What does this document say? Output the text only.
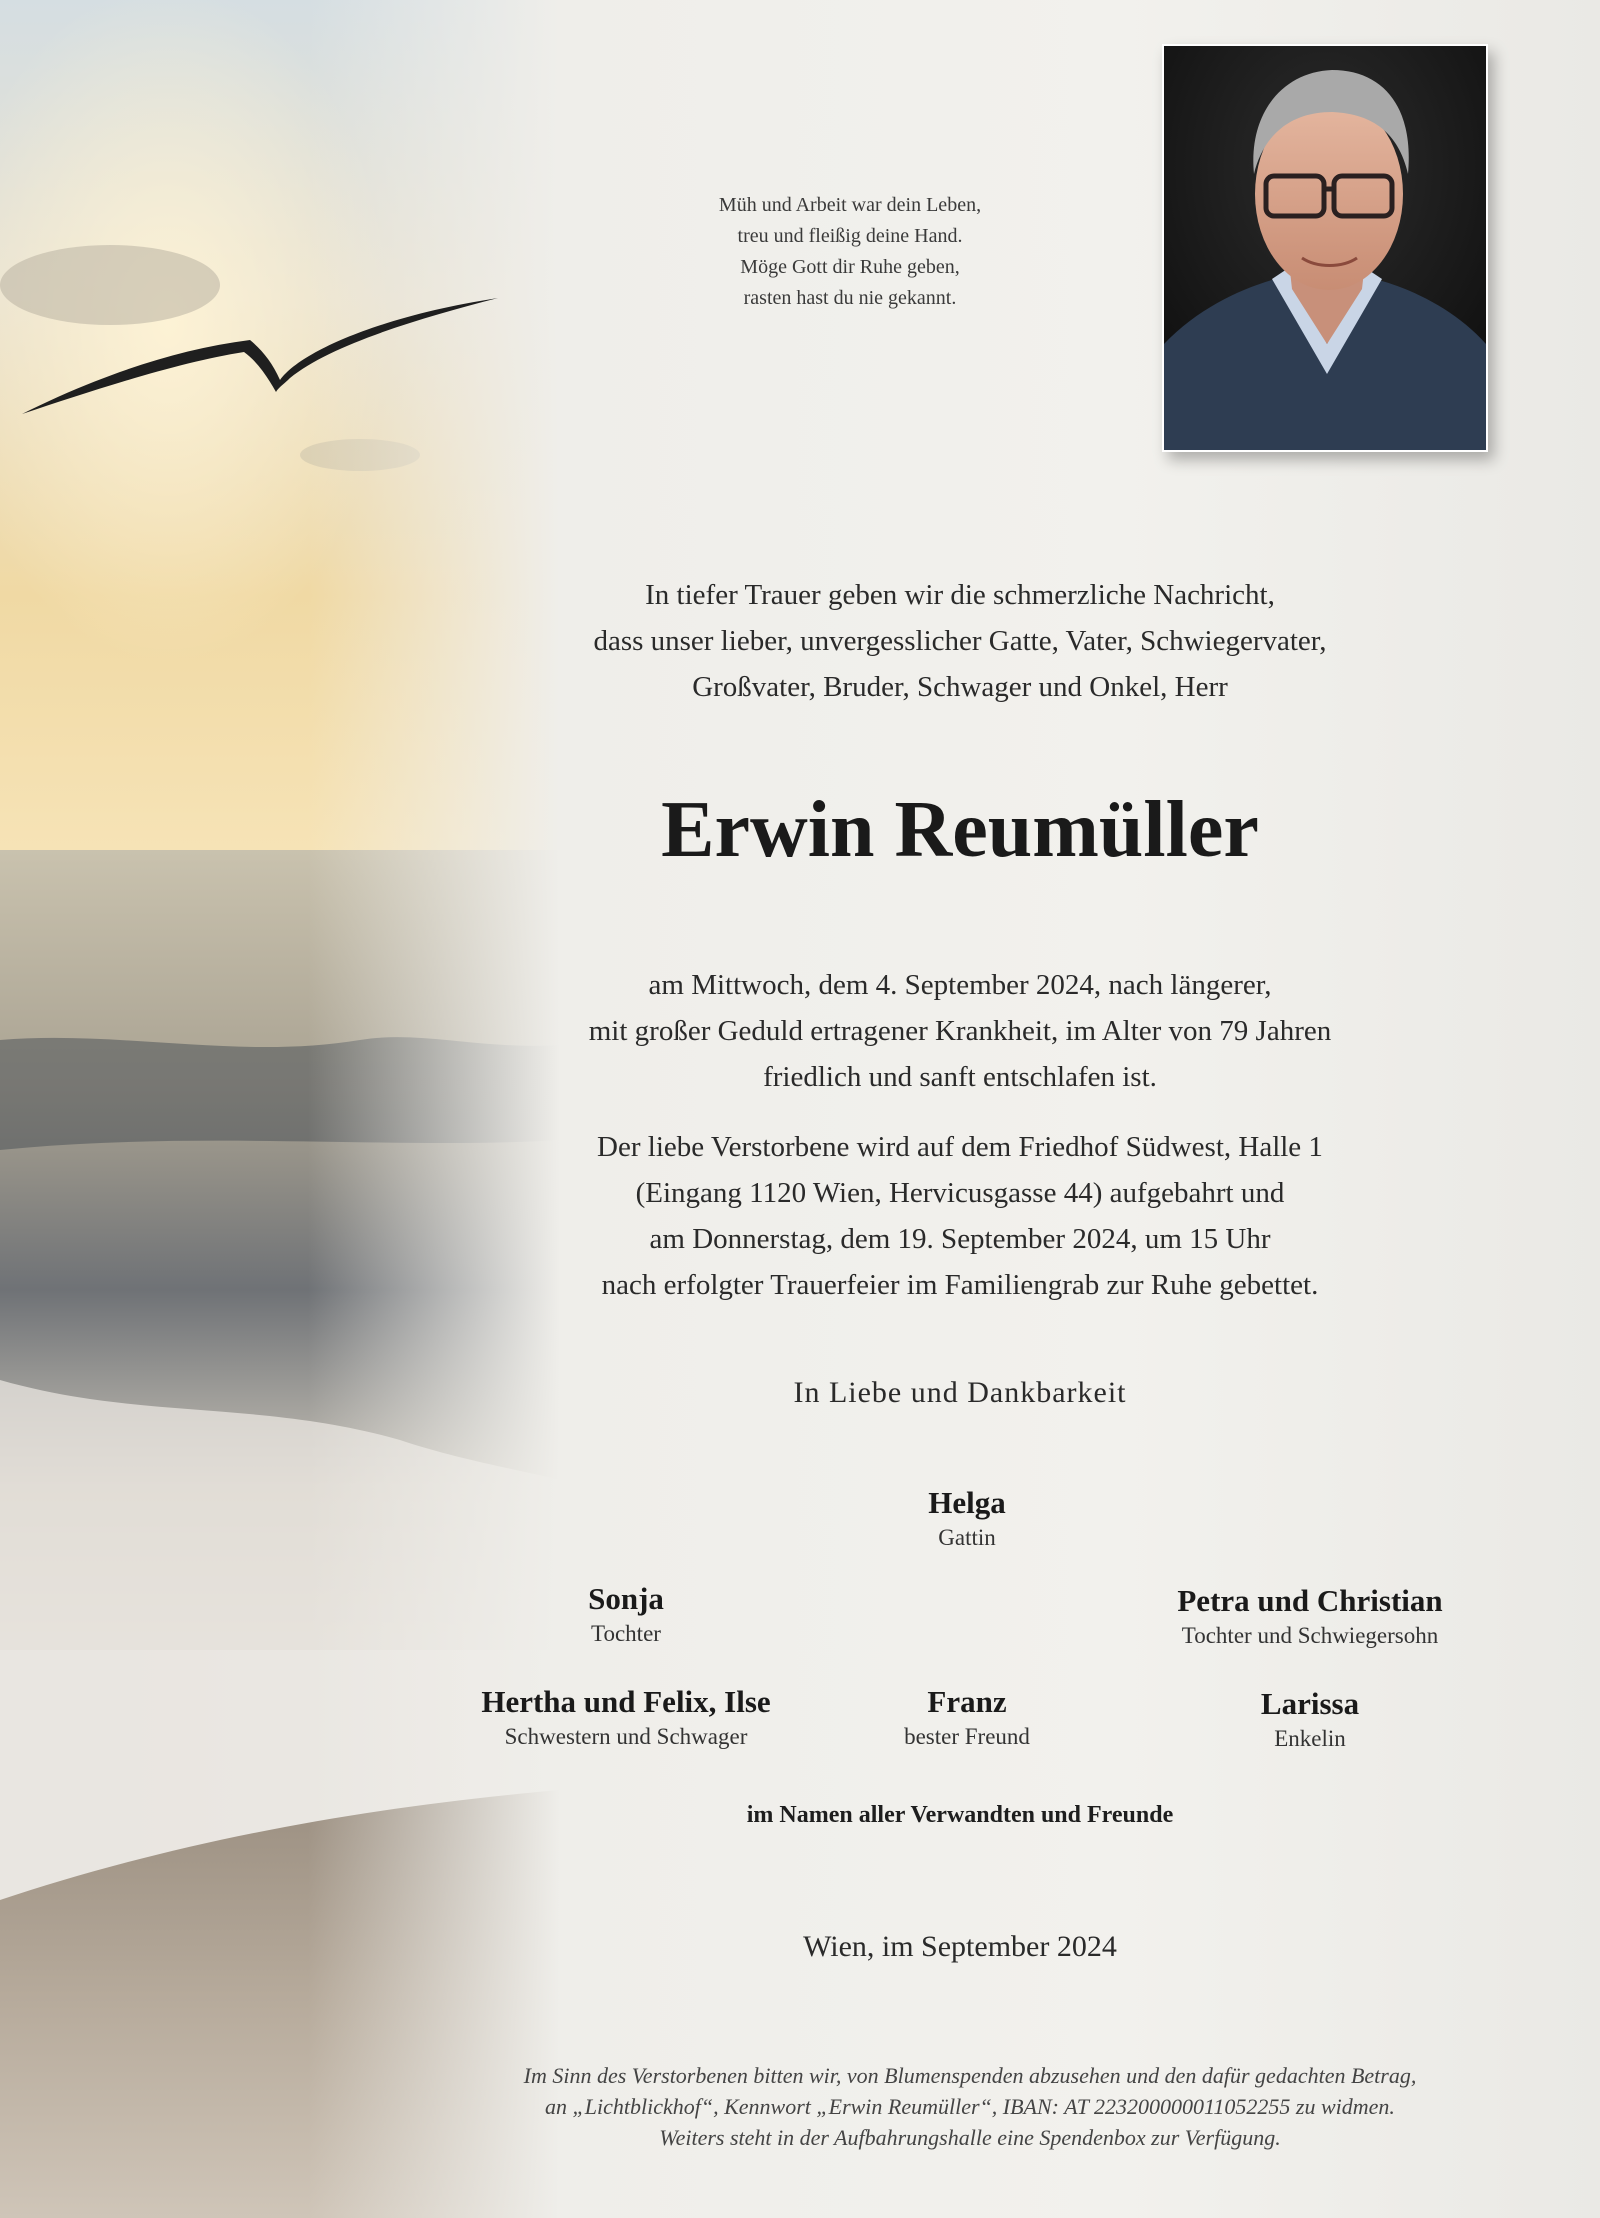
Müh und Arbeit war dein Leben,
treu und fleißig deine Hand.
Möge Gott dir Ruhe geben,
rasten hast du nie gekannt.
In tiefer Trauer geben wir die schmerzliche Nachricht,
dass unser lieber, unvergesslicher Gatte, Vater, Schwiegervater,
Großvater, Bruder, Schwager und Onkel, Herr
Erwin Reumüller
am Mittwoch, dem 4. September 2024, nach längerer,
mit großer Geduld ertragener Krankheit, im Alter von 79 Jahren
friedlich und sanft entschlafen ist.
Der liebe Verstorbene wird auf dem Friedhof Südwest, Halle 1
(Eingang 1120 Wien, Hervicusgasse 44) aufgebahrt und
am Donnerstag, dem 19. September 2024, um 15 Uhr
nach erfolgter Trauerfeier im Familiengrab zur Ruhe gebettet.
In Liebe und Dankbarkeit
Helga
Gattin
Sonja
Tochter
Petra und Christian
Tochter und Schwiegersohn
Hertha und Felix, Ilse
Schwestern und Schwager
Franz
bester Freund
Larissa
Enkelin
im Namen aller Verwandten und Freunde
Wien, im September 2024
Im Sinn des Verstorbenen bitten wir, von Blumenspenden abzusehen und den dafür gedachten Betrag,
an „Lichtblickhof“, Kennwort „Erwin Reumüller“, IBAN: AT 223200000011052255 zu widmen.
Weiters steht in der Aufbahrungshalle eine Spendenbox zur Verfügung.
